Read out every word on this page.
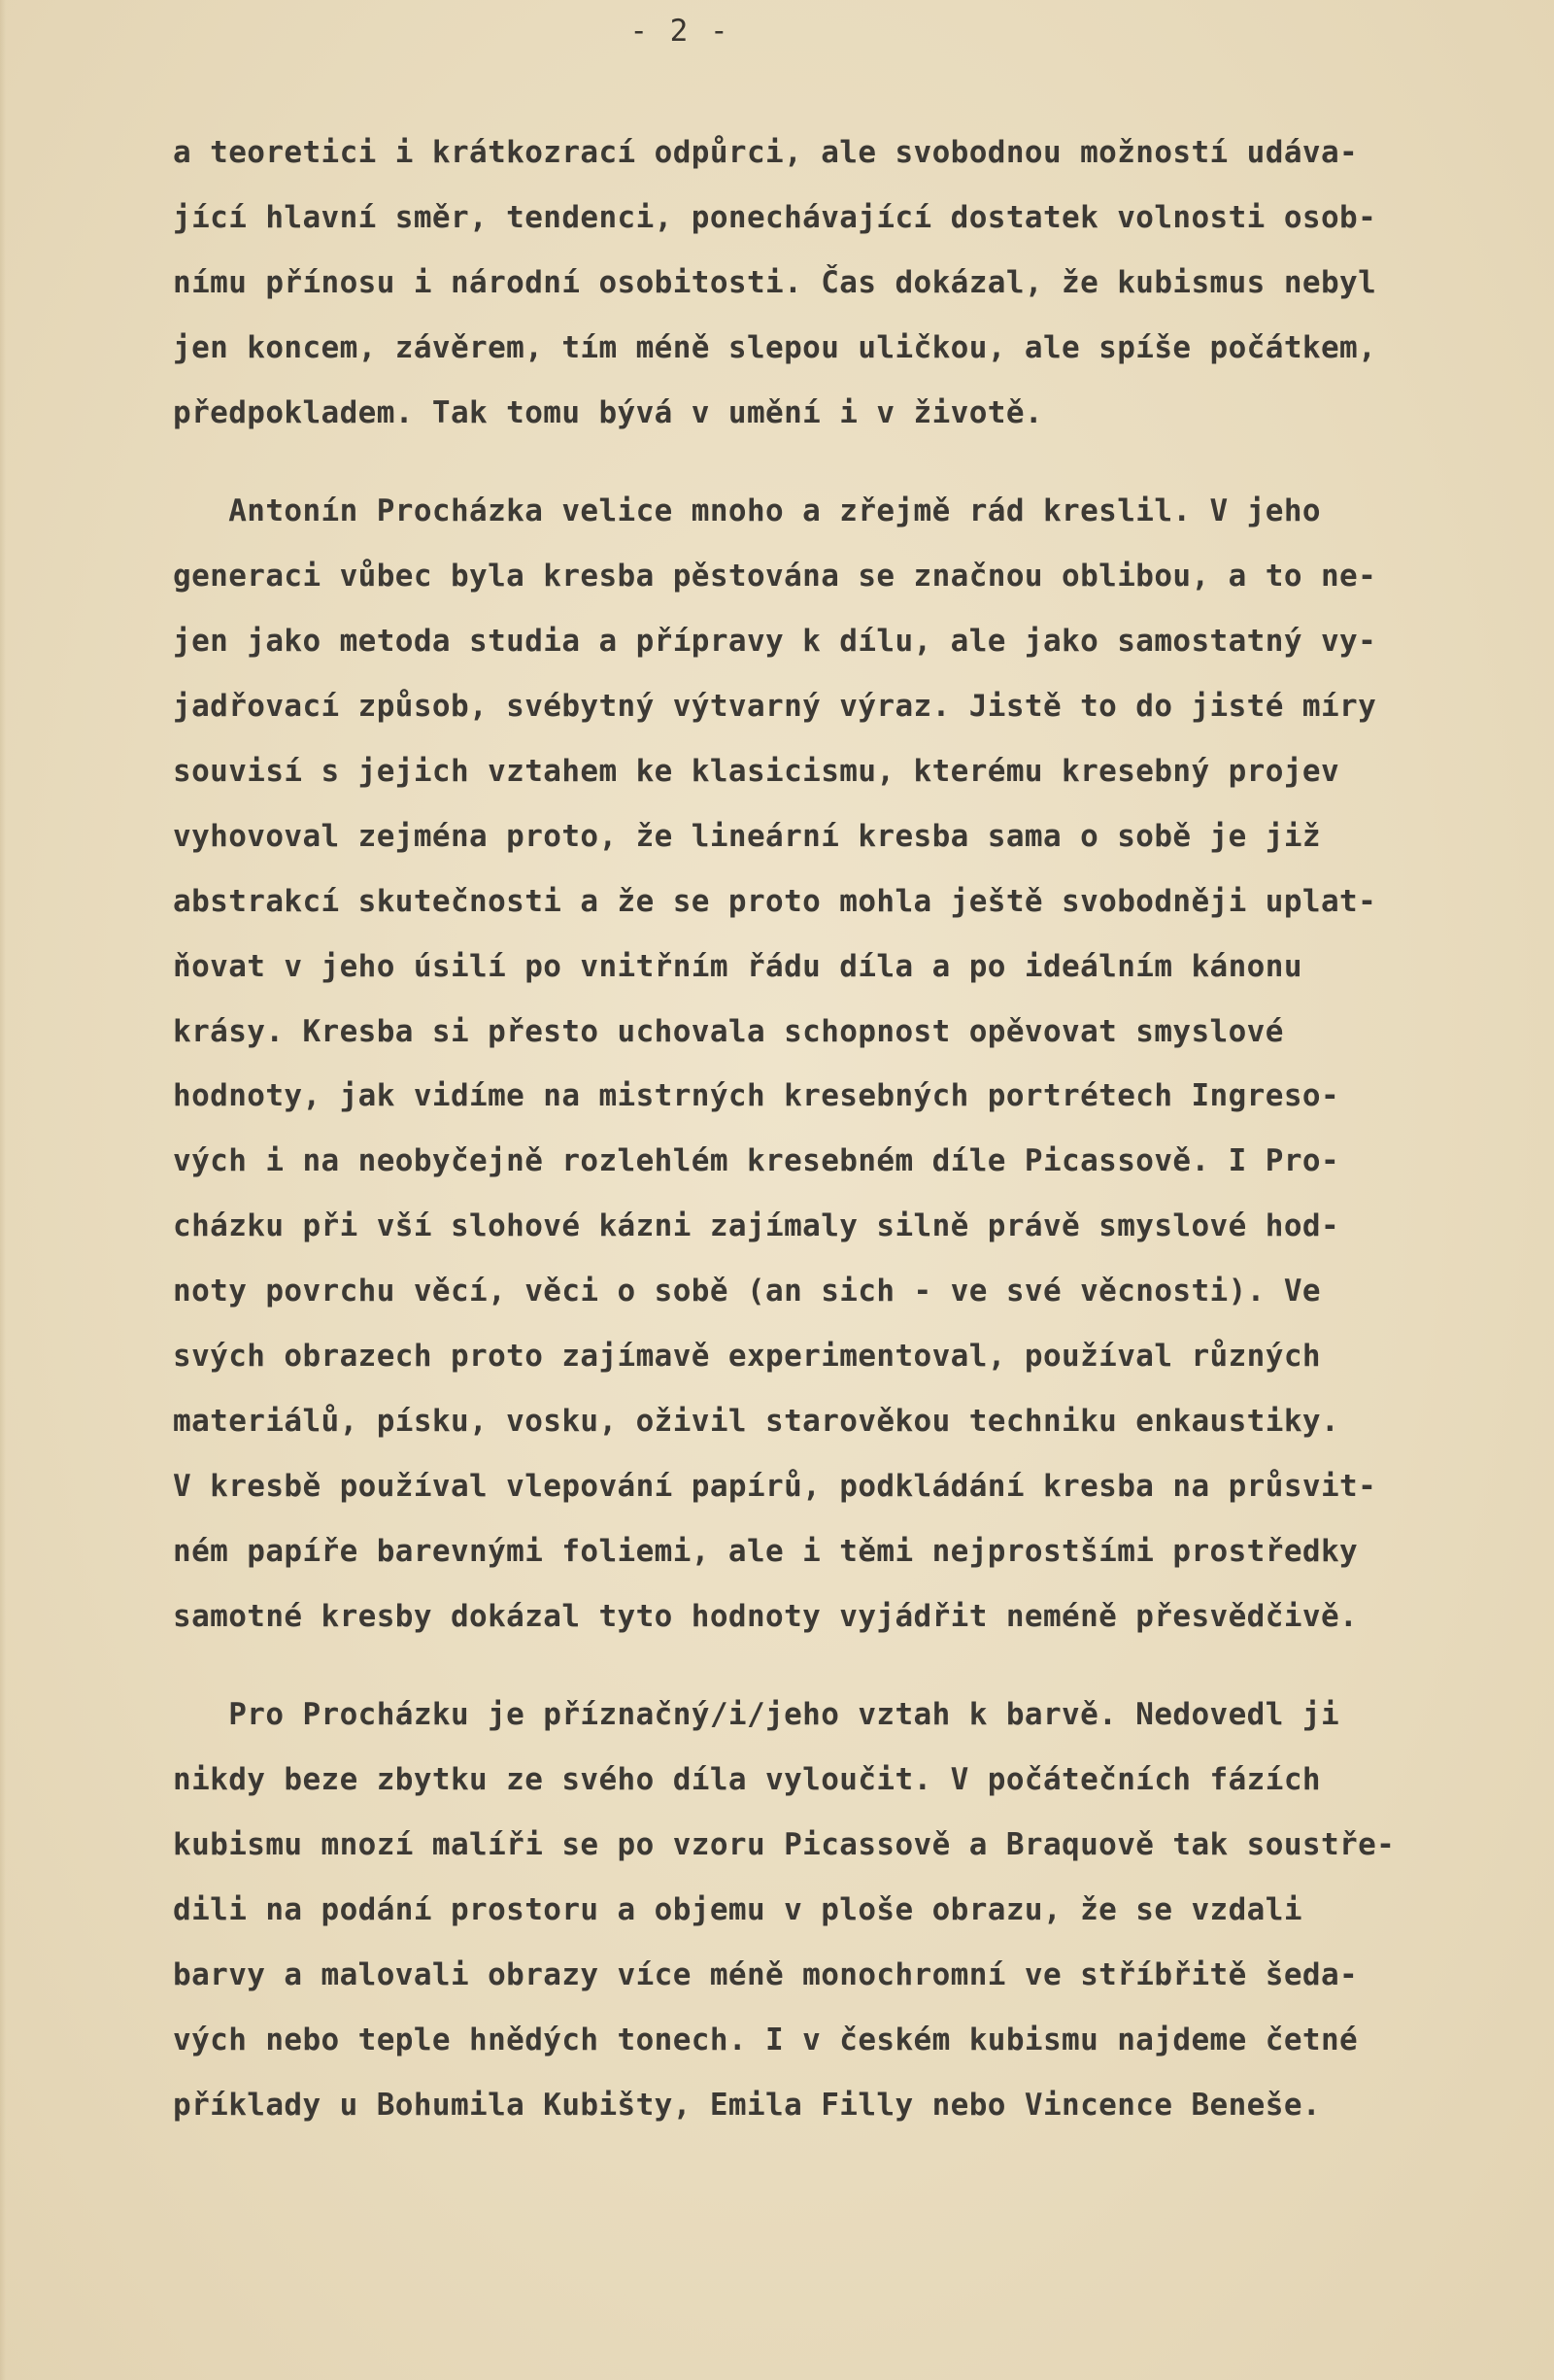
- 2 -
a teoretici i krátkozrací odpůrci, ale svobodnou možností udáva-
jící hlavní směr, tendenci, ponechávající dostatek volnosti osob-
nímu přínosu i národní osobitosti. Čas dokázal, že kubismus nebyl
jen koncem, závěrem, tím méně slepou uličkou, ale spíše počátkem,
předpokladem. Tak tomu bývá v umění i v životě.
Antonín Procházka velice mnoho a zřejmě rád kreslil. V jeho
generaci vůbec byla kresba pěstována se značnou oblibou, a to ne-
jen jako metoda studia a přípravy k dílu, ale jako samostatný vy-
jadřovací způsob, svébytný výtvarný výraz. Jistě to do jisté míry
souvisí s jejich vztahem ke klasicismu, kterému kresebný projev
vyhovoval zejména proto, že lineární kresba sama o sobě je již
abstrakcí skutečnosti a že se proto mohla ještě svobodněji uplat-
ňovat v jeho úsilí po vnitřním řádu díla a po ideálním kánonu
krásy. Kresba si přesto uchovala schopnost opěvovat smyslové
hodnoty, jak vidíme na mistrných kresebných portrétech Ingreso-
vých i na neobyčejně rozlehlém kresebném díle Picassově. I Pro-
cházku při vší slohové kázni zajímaly silně právě smyslové hod-
noty povrchu věcí, věci o sobě (an sich - ve své věcnosti). Ve
svých obrazech proto zajímavě experimentoval, používal různých
materiálů, písku, vosku, oživil starověkou techniku enkaustiky.
V kresbě používal vlepování papírů, podkládání kresba na průsvit-
ném papíře barevnými foliemi, ale i těmi nejprostšími prostředky
samotné kresby dokázal tyto hodnoty vyjádřit neméně přesvědčivě.
Pro Procházku je příznačný/i/jeho vztah k barvě. Nedovedl ji
nikdy beze zbytku ze svého díla vyloučit. V počátečních fázích
kubismu mnozí malíři se po vzoru Picassově a Braquově tak soustře-
dili na podání prostoru a objemu v ploše obrazu, že se vzdali
barvy a malovali obrazy více méně monochromní ve stříbřitě šeda-
vých nebo teple hnědých tonech. I v českém kubismu najdeme četné
příklady u Bohumila Kubišty, Emila Filly nebo Vincence Beneše.
